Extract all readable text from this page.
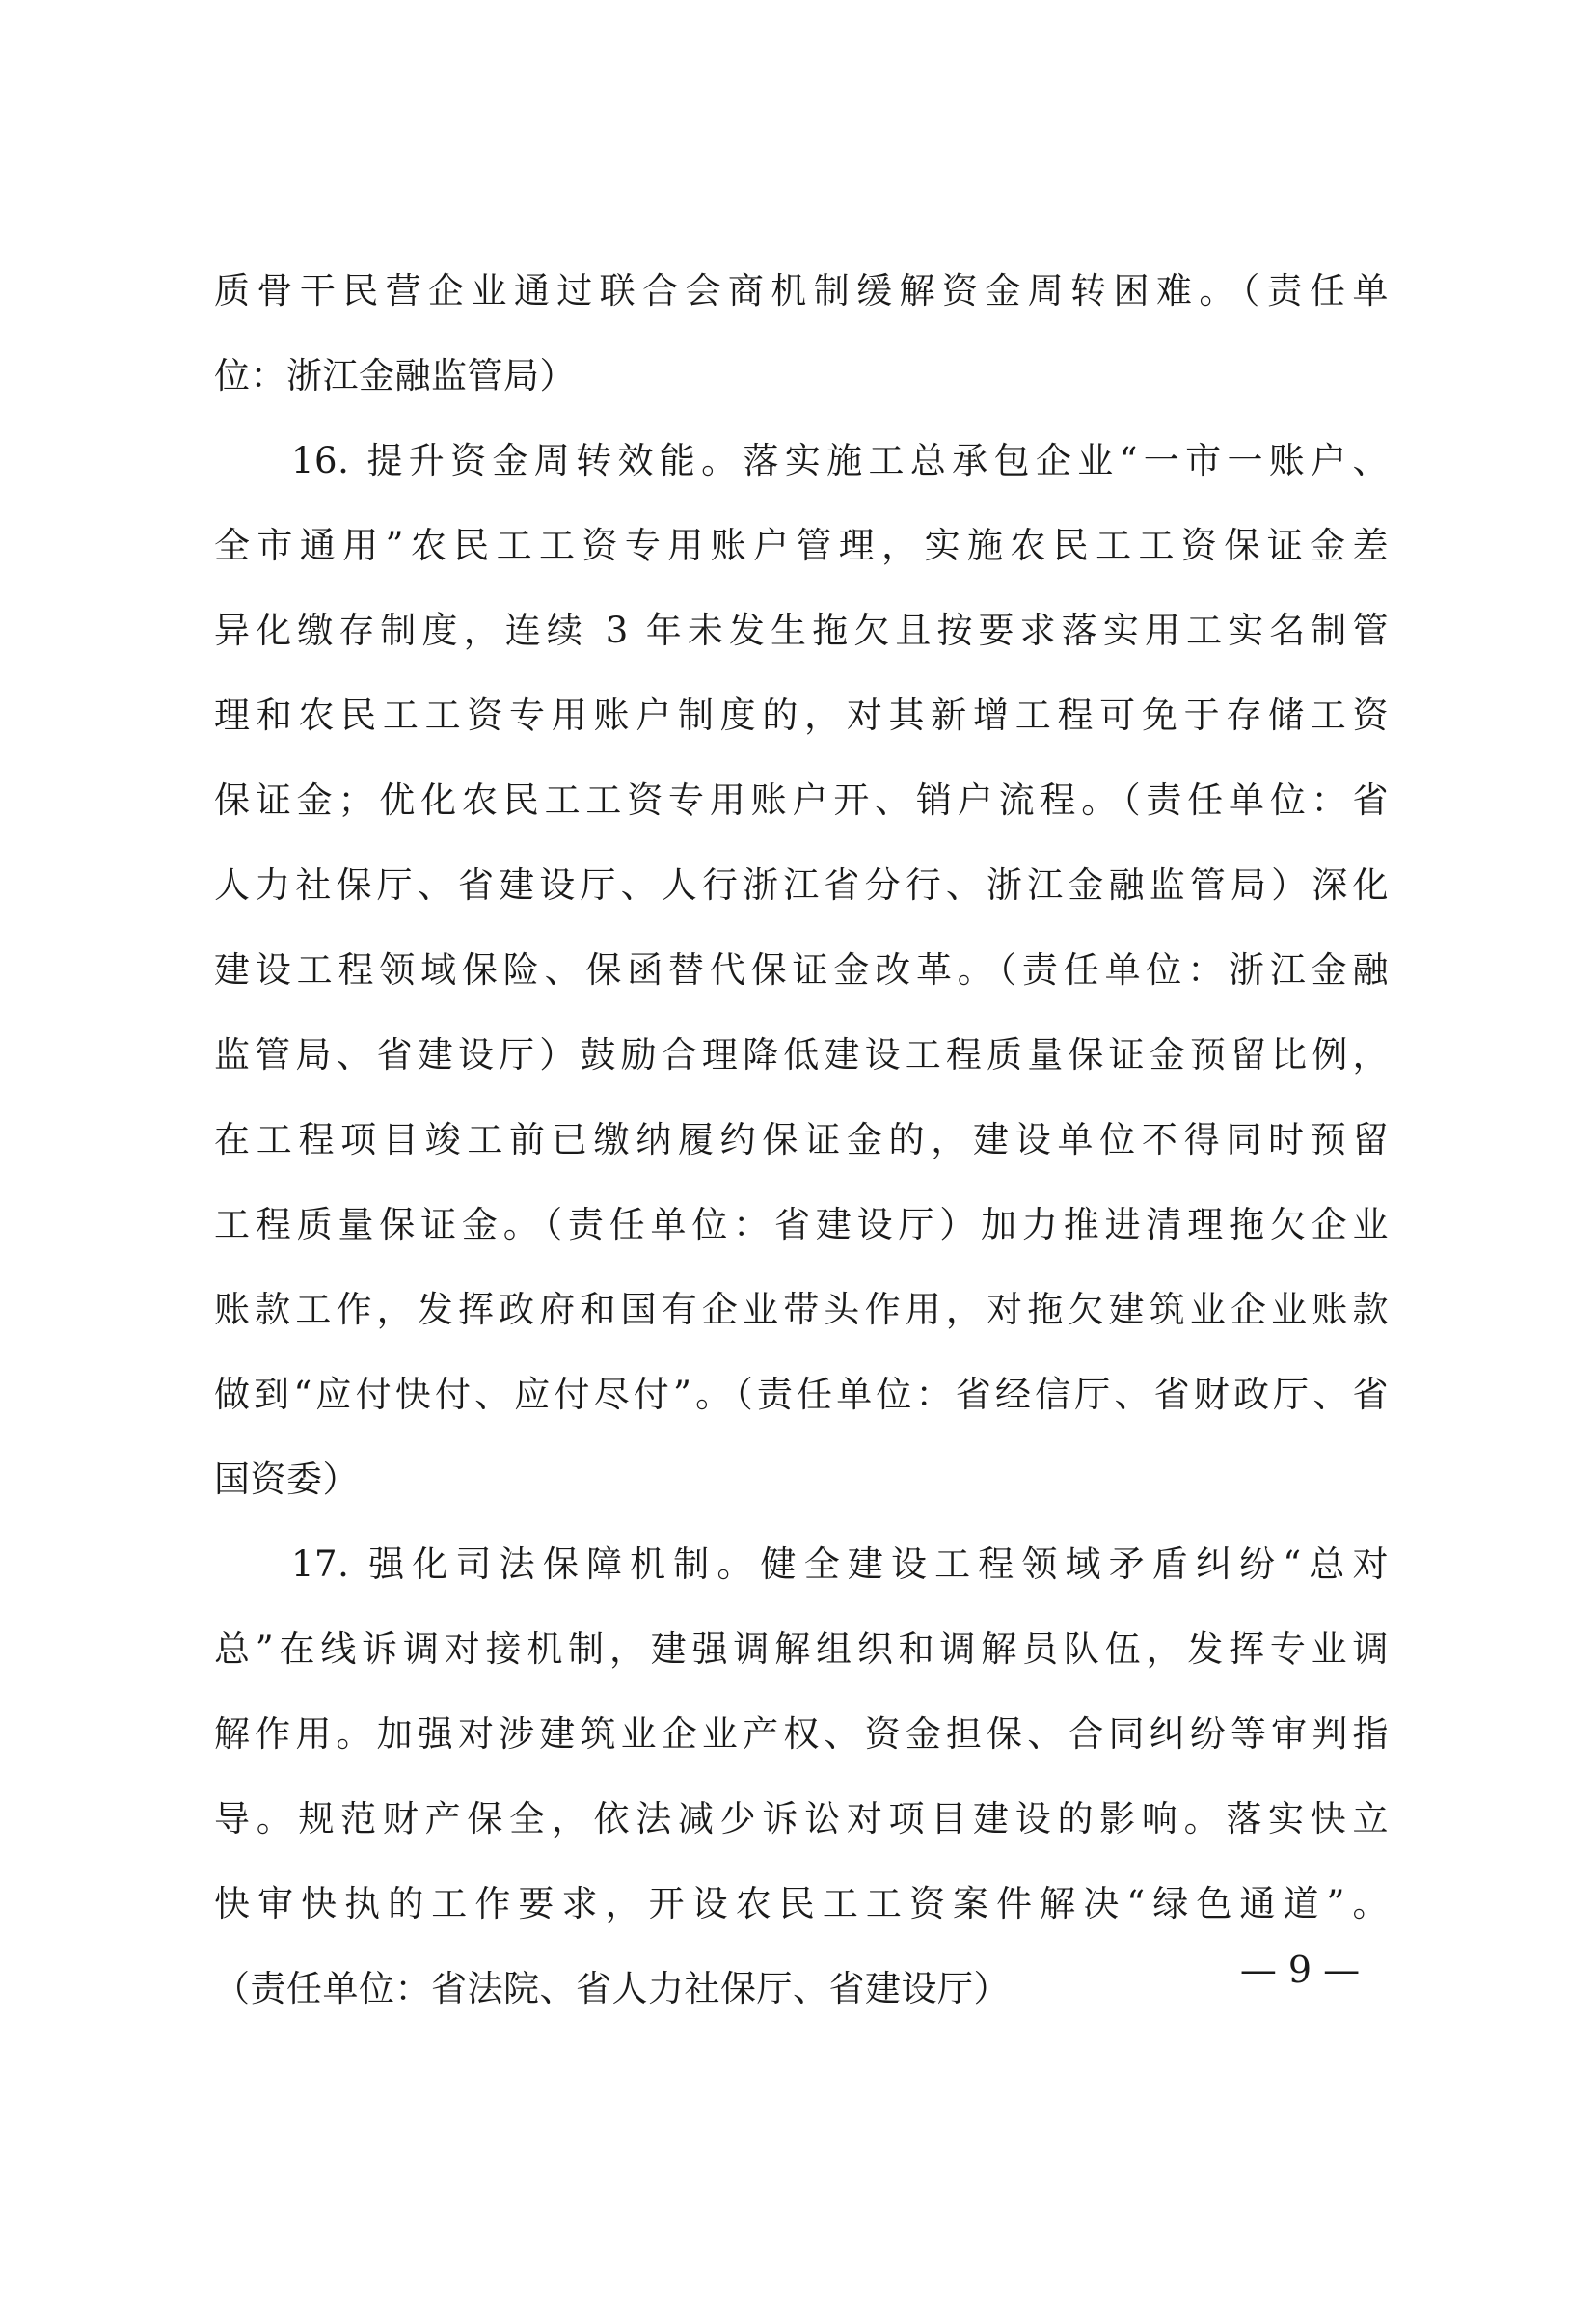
质骨干民营企业通过联合会商机制缓解资金周转困难。（责任单
位：浙江金融监管局）
16. 提升资金周转效能。落实施工总承包企业“一市一账户、
全市通用”农民工工资专用账户管理，实施农民工工资保证金差
异化缴存制度，连续 3 年未发生拖欠且按要求落实用工实名制管
理和农民工工资专用账户制度的，对其新增工程可免于存储工资
保证金；优化农民工工资专用账户开、销户流程。（责任单位：省
人力社保厅、省建设厅、人行浙江省分行、浙江金融监管局）深化
建设工程领域保险、保函替代保证金改革。（责任单位：浙江金融
监管局、省建设厅）鼓励合理降低建设工程质量保证金预留比例，
在工程项目竣工前已缴纳履约保证金的，建设单位不得同时预留
工程质量保证金。（责任单位：省建设厅）加力推进清理拖欠企业
账款工作，发挥政府和国有企业带头作用，对拖欠建筑业企业账款
做到“应付快付、应付尽付”。（责任单位：省经信厅、省财政厅、省
国资委）
17. 强化司法保障机制。健全建设工程领域矛盾纠纷“总对
总”在线诉调对接机制，建强调解组织和调解员队伍，发挥专业调
解作用。加强对涉建筑业企业产权、资金担保、合同纠纷等审判指
导。规范财产保全，依法减少诉讼对项目建设的影响。落实快立
快审快执的工作要求，开设农民工工资案件解决“绿色通道”。
（责任单位：省法院、省人力社保厅、省建设厅）	— 9 —
